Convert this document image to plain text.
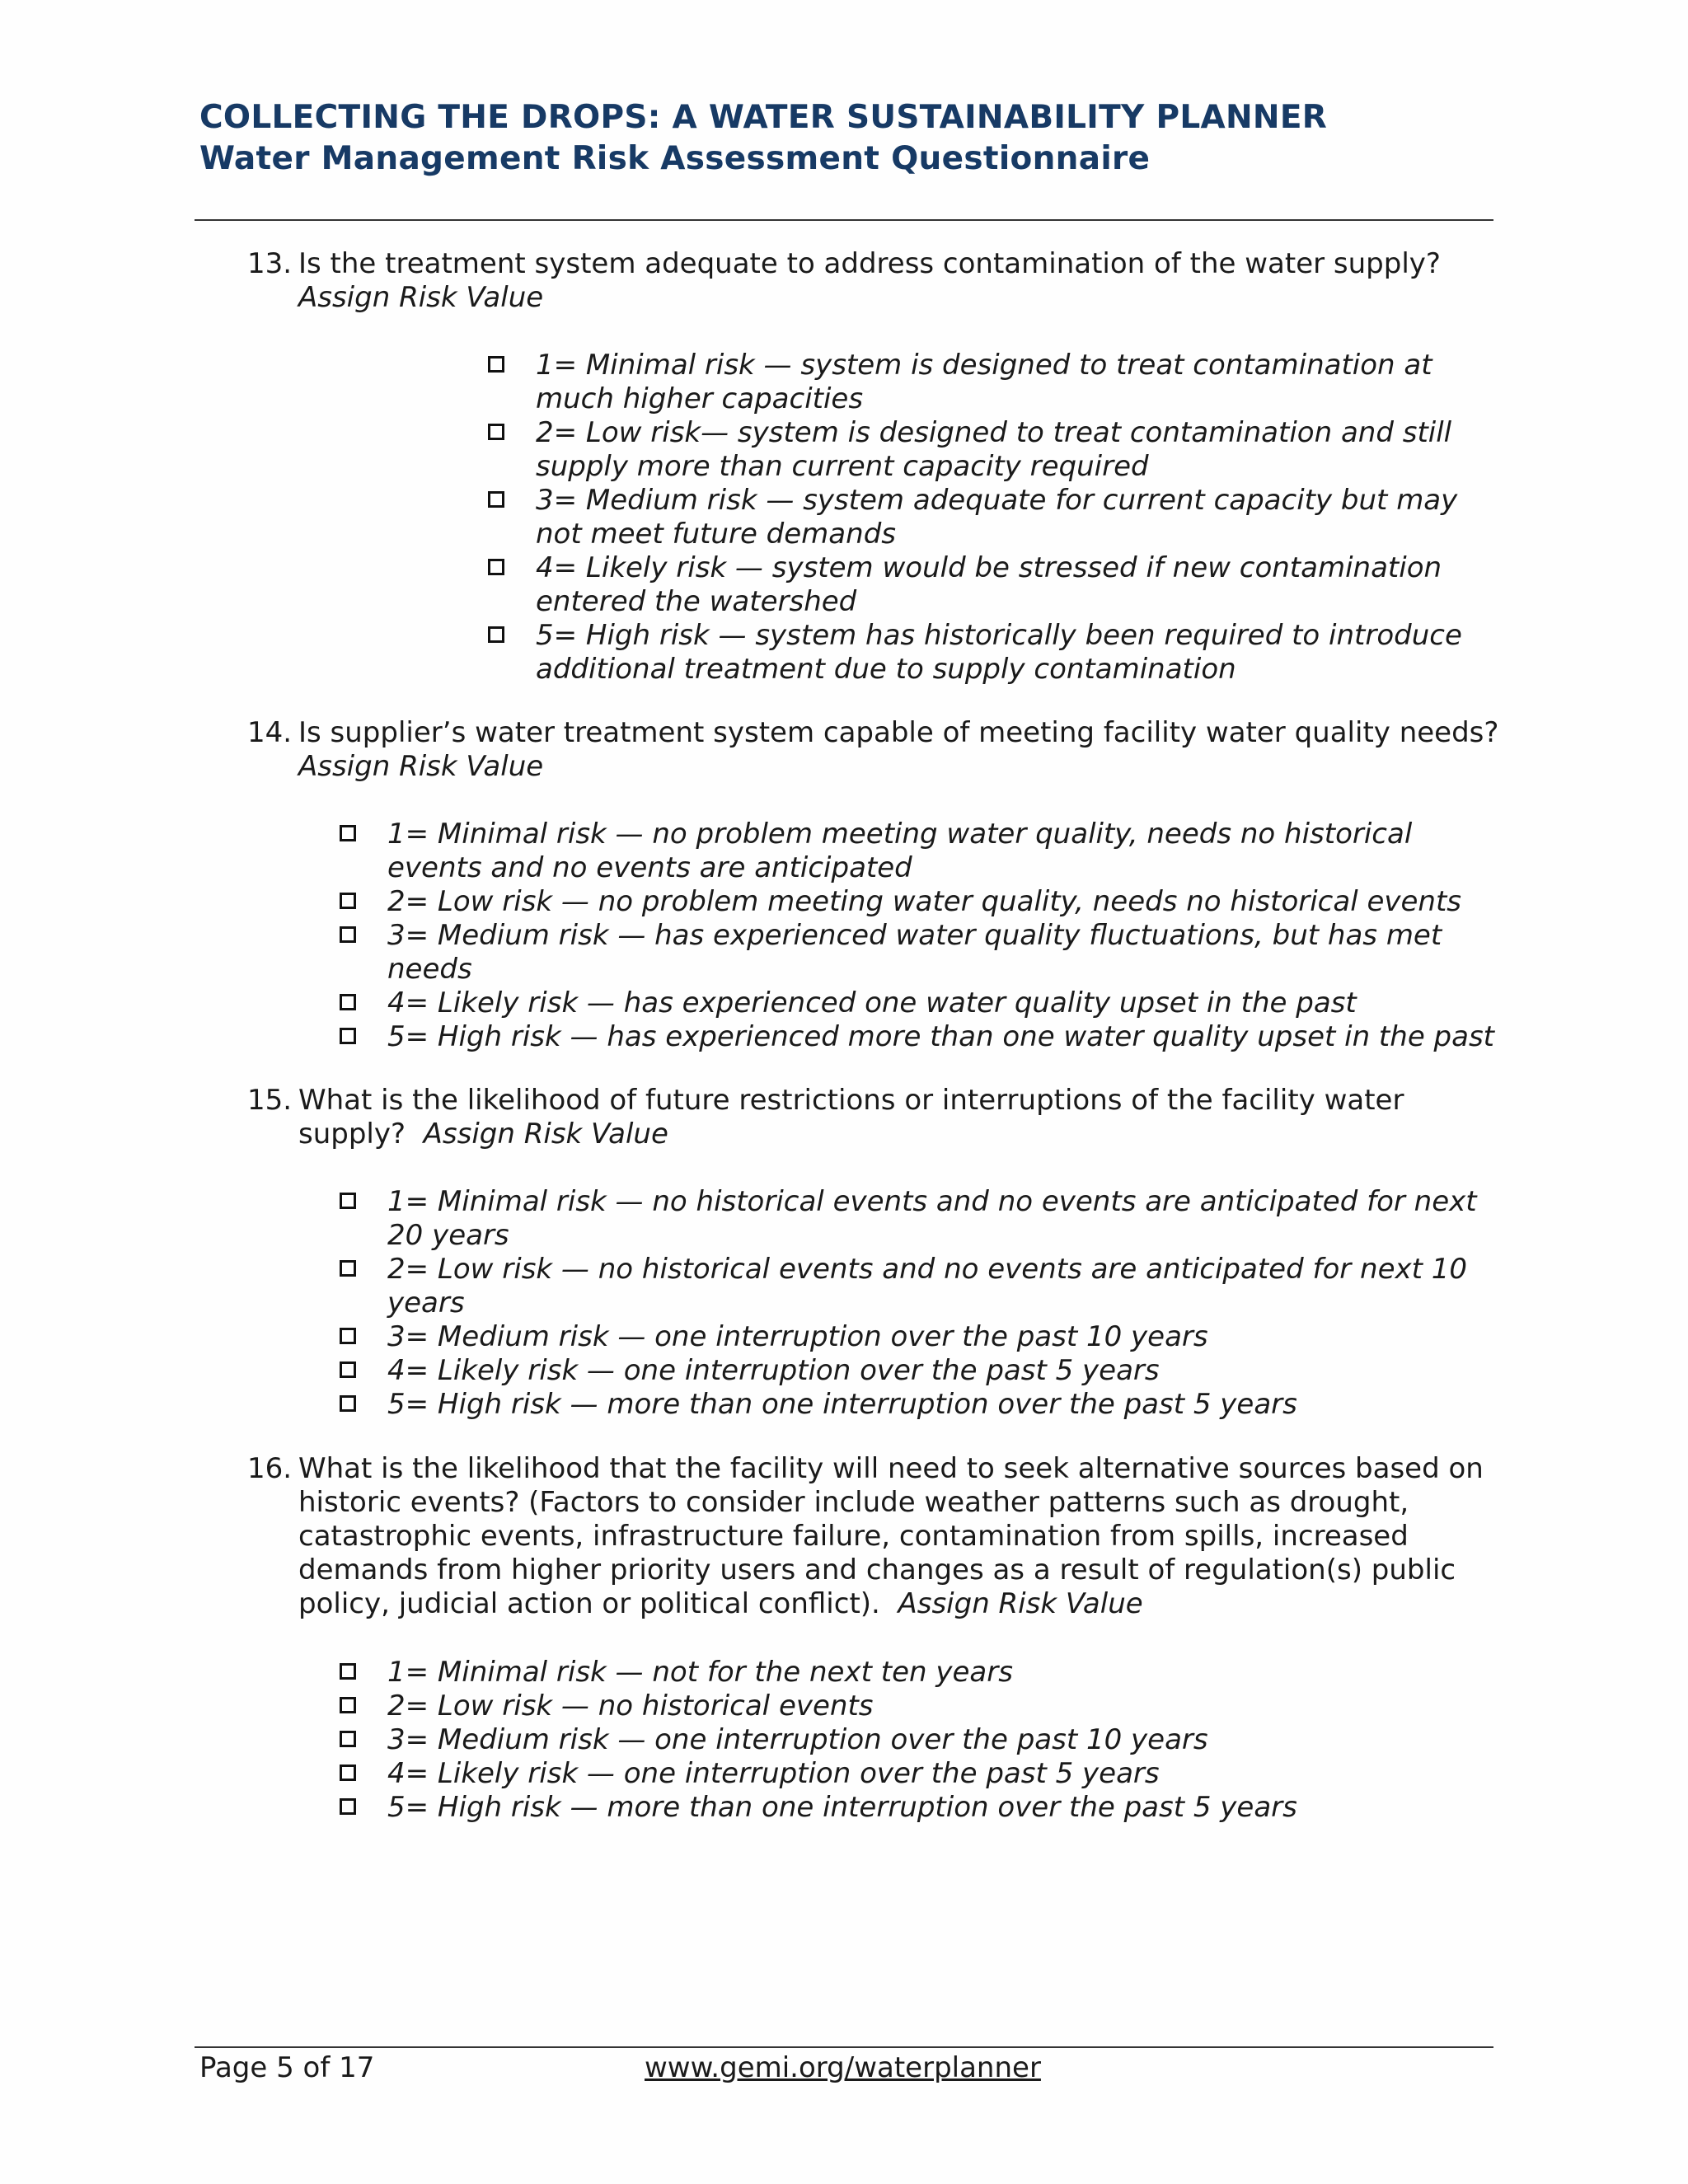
COLLECTING THE DROPS: A WATER SUSTAINABILITY PLANNER
Water Management Risk Assessment Questionnaire
13. Is the treatment system adequate to address contamination of the water supply?
Assign Risk Value
1= Minimal risk — system is designed to treat contamination at
much higher capacities
2= Low risk— system is designed to treat contamination and still
supply more than current capacity required
3= Medium risk — system adequate for current capacity but may
not meet future demands
4= Likely risk — system would be stressed if new contamination
entered the watershed
5= High risk — system has historically been required to introduce
additional treatment due to supply contamination
14. Is supplier’s water treatment system capable of meeting facility water quality needs?
Assign Risk Value
1= Minimal risk — no problem meeting water quality, needs no historical
events and no events are anticipated
2= Low risk — no problem meeting water quality, needs no historical events
3= Medium risk — has experienced water quality fluctuations, but has met
needs
4= Likely risk — has experienced one water quality upset in the past
5= High risk — has experienced more than one water quality upset in the past
15. What is the likelihood of future restrictions or interruptions of the facility water
supply? Assign Risk Value
1= Minimal risk — no historical events and no events are anticipated for next
20 years
2= Low risk — no historical events and no events are anticipated for next 10
years
3= Medium risk — one interruption over the past 10 years
4= Likely risk — one interruption over the past 5 years
5= High risk — more than one interruption over the past 5 years
16. What is the likelihood that the facility will need to seek alternative sources based on
historic events? (Factors to consider include weather patterns such as drought,
catastrophic events, infrastructure failure, contamination from spills, increased
demands from higher priority users and changes as a result of regulation(s) public
policy, judicial action or political conflict). Assign Risk Value
1= Minimal risk — not for the next ten years
2= Low risk — no historical events
3= Medium risk — one interruption over the past 10 years
4= Likely risk — one interruption over the past 5 years
5= High risk — more than one interruption over the past 5 years
Page 5 of 17	www.gemi.org/waterplanner
